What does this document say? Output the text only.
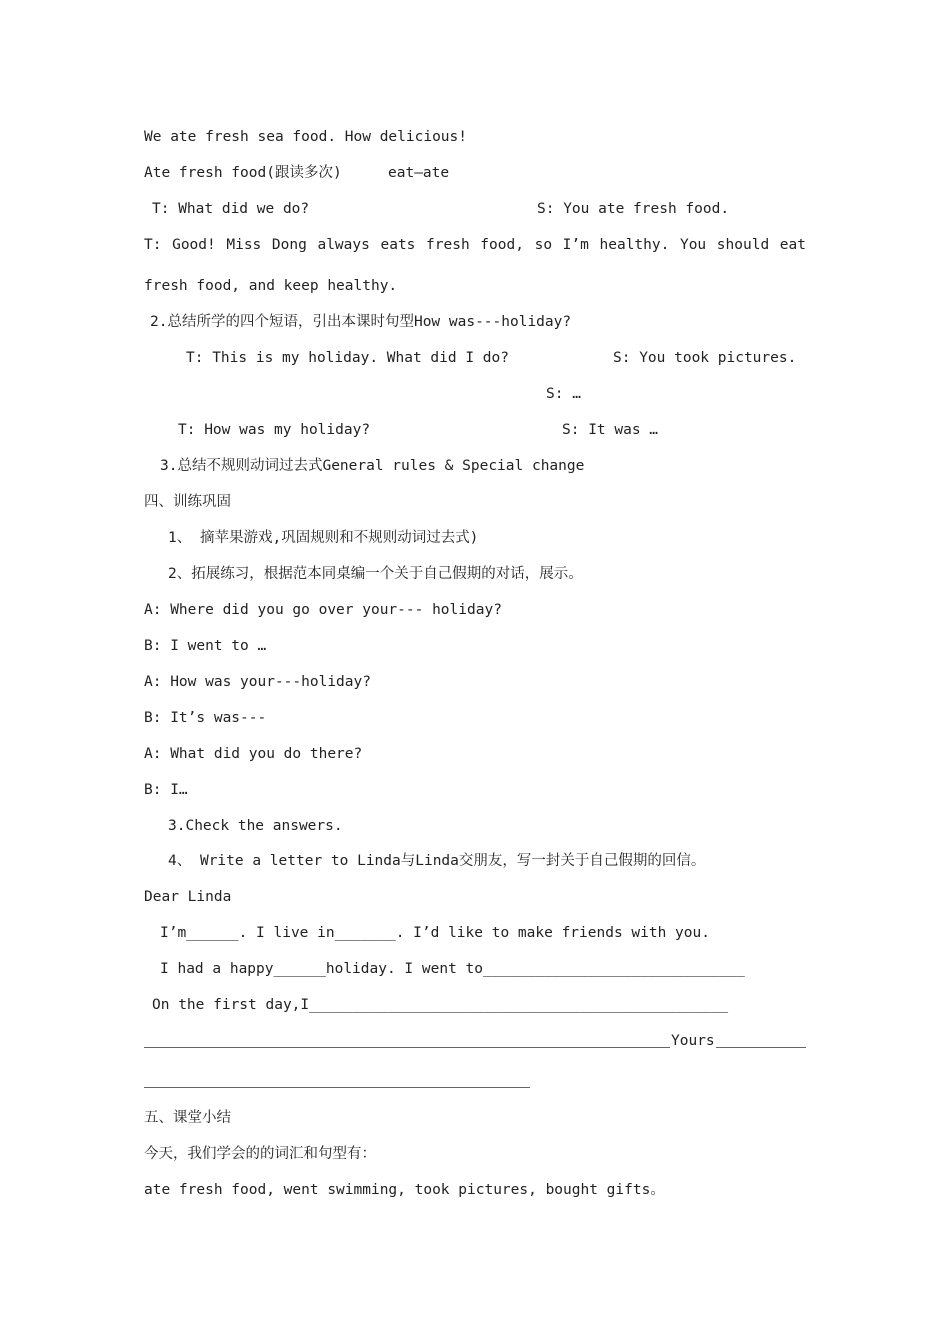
We ate fresh sea food. How delicious!
Ate fresh food(跟读多次)	eat—ate
T: What did we do?	S: You ate fresh food.
T: Good! Miss Dong always eats fresh food, so I’m healthy. You should eat
fresh food, and keep healthy.
2.总结所学的四个短语，引出本课时句型How was---holiday?
T: This is my holiday. What did I do?	S: You took pictures.
S: …
T: How was my holiday?	S: It was …
3.总结不规则动词过去式General rules & Special change
四、训练巩固
1、 摘苹果游戏,巩固规则和不规则动词过去式)
2、拓展练习，根据范本同桌编一个关于自己假期的对话，展示。
A: Where did you go over your--- holiday?
B: I went to …
A: How was your---holiday?
B: It’s was---
A: What did you do there?
B: I…
3.Check the answers.
4、 Write a letter to Linda与Linda交朋友，写一封关于自己假期的回信。
Dear Linda
I’m______. I live in_______. I’d like to make friends with you.
I had a happy______holiday. I went to______________________________
On the first day,I________________________________________________
Yours
五、课堂小结
今天，我们学会的的词汇和句型有：
ate fresh food, went swimming, took pictures, bought gifts。
